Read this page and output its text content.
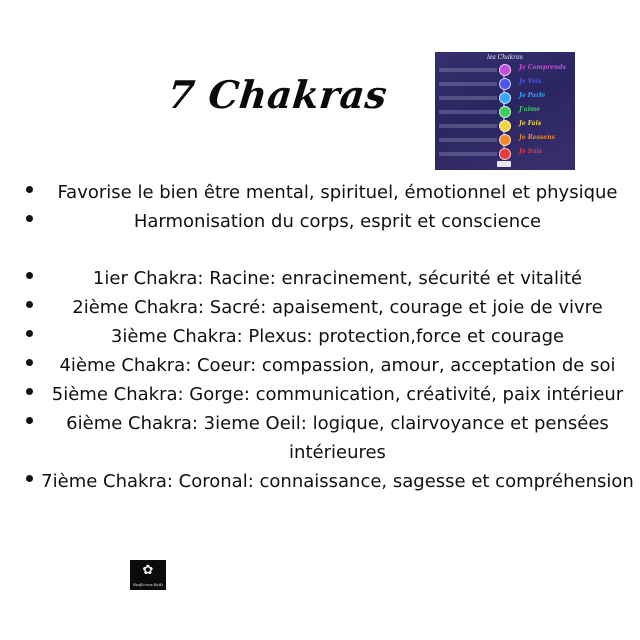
7 Chakras
les Chakras
Je Comprends
Je Vois
Je Parle
J'aime
Je Fais
Je Ressens
Je Suis
Favorise le bien être mental, spirituel, émotionnel et physique
Harmonisation du corps, esprit et conscience
1ier Chakra: Racine: enracinement, sécurité et vitalité
2ième Chakra: Sacré: apaisement, courage et joie de vivre
3ième Chakra: Plexus: protection,force et courage
4ième Chakra: Coeur: compassion, amour, acceptation de soi
5ième Chakra: Gorge: communication, créativité, paix intérieur
6ième Chakra: 3ieme Oeil: logique, clairvoyance et pensées intérieures
7ième Chakra: Coronal: connaissance, sagesse et compréhension
✿
Reuflo'new Reiki
